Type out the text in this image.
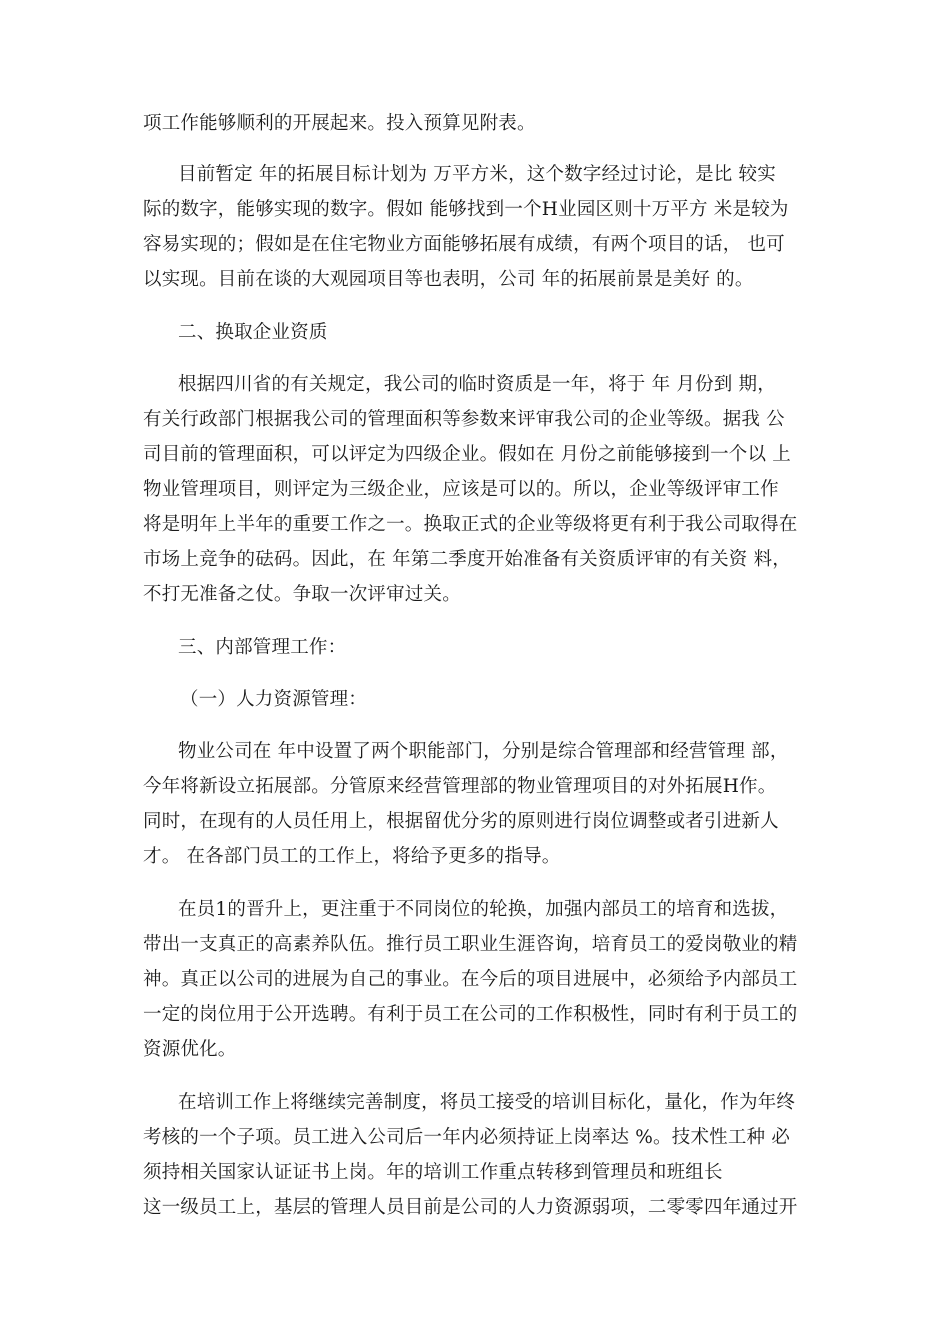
项工作能够顺利的开展起来。投入预算见附表。
目前暂定 年的拓展目标计划为 万平方米，这个数字经过讨论，是比 较实
际的数字，能够实现的数字。假如 能够找到一个H业园区则十万平方 米是较为
容易实现的；假如是在住宅物业方面能够拓展有成绩，有两个项目的话， 也可
以实现。目前在谈的大观园项目等也表明，公司 年的拓展前景是美好 的。
二、换取企业资质
根据四川省的有关规定，我公司的临时资质是一年，将于 年 月份到 期，
有关行政部门根据我公司的管理面积等参数来评审我公司的企业等级。据我 公
司目前的管理面积，可以评定为四级企业。假如在 月份之前能够接到一个以 上
物业管理项目，则评定为三级企业，应该是可以的。所以，企业等级评审工作
将是明年上半年的重要工作之一。换取正式的企业等级将更有利于我公司取得在
市场上竞争的砝码。因此，在 年第二季度开始准备有关资质评审的有关资 料，
不打无准备之仗。争取一次评审过关。
三、内部管理工作：
（一）人力资源管理：
物业公司在 年中设置了两个职能部门，分别是综合管理部和经营管理 部，
今年将新设立拓展部。分管原来经营管理部的物业管理项目的对外拓展H作。
同时，在现有的人员任用上，根据留优分劣的原则进行岗位调整或者引进新人
才。 在各部门员工的工作上，将给予更多的指导。
在员1的晋升上，更注重于不同岗位的轮换，加强内部员工的培育和选拔，
带出一支真正的高素养队伍。推行员工职业生涯咨询，培育员工的爱岗敬业的精
神。真正以公司的进展为自己的事业。在今后的项目进展中，必须给予内部员工
一定的岗位用于公开选聘。有利于员工在公司的工作积极性，同时有利于员工的
资源优化。
在培训工作上将继续完善制度，将员工接受的培训目标化，量化，作为年终
考核的一个子项。员工进入公司后一年内必须持证上岗率达 %。技术性工种 必
须持相关国家认证证书上岗。年的培训工作重点转移到管理员和班组长
这一级员工上，基层的管理人员目前是公司的人力资源弱项，二零零四年通过开
